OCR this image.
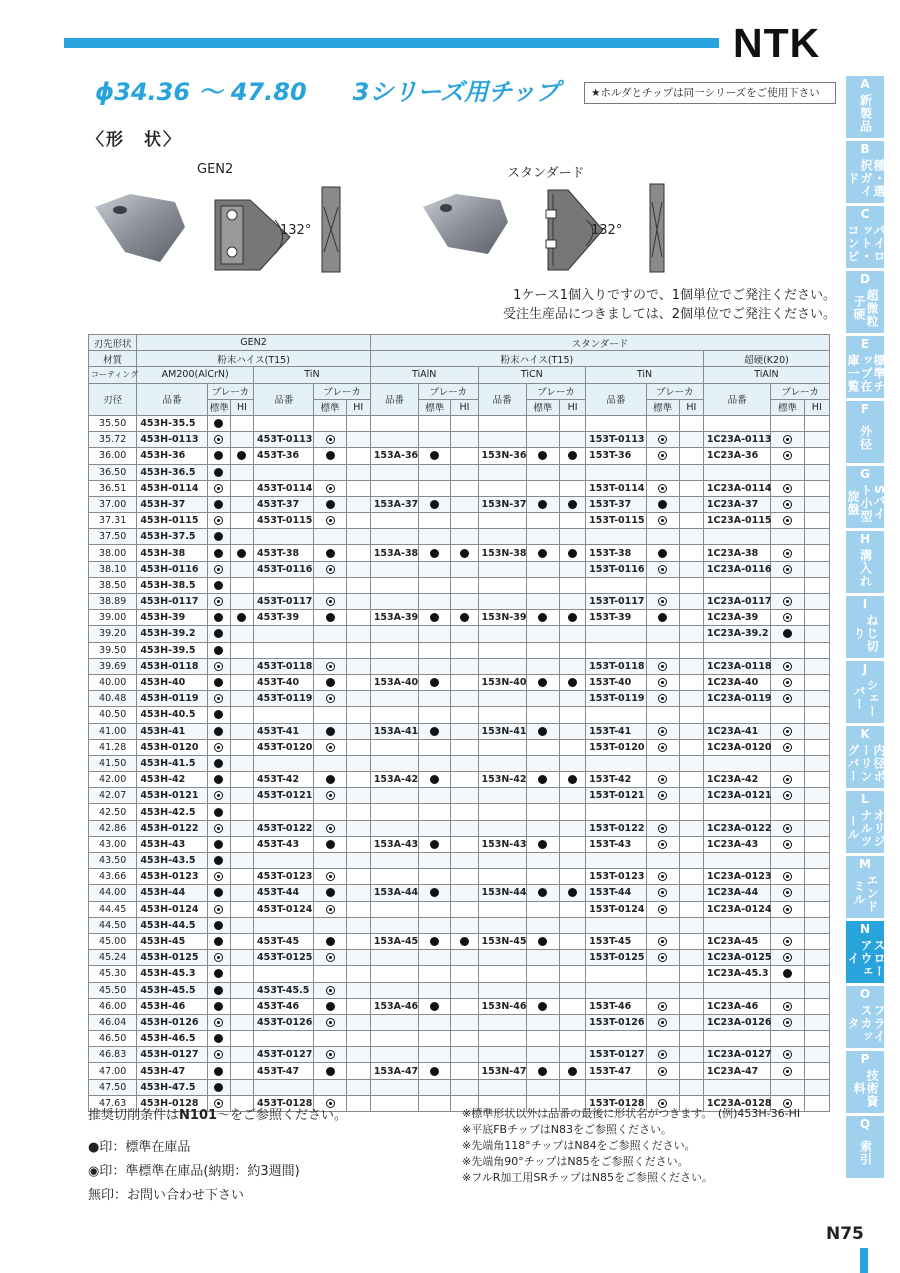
NTK
ϕ34.36 ～ 47.80 3シリーズ用チップ	★ホルダとチップは同一シリーズをご使用下さい
〈形　状〉
GEN2	スタンダード
132°	132°
1ケース1個入りですので、1個単位でご発注ください。
受注生産品につきましては、2個単位でご発注ください。
刃先形状	GEN2						スタンダード											
材質	粉末ハイス(T15)						粉末ハイス(T15)									超硬(K20)		
コーティング	AM200(AlCrN)			TiN			TiAlN			TiCN			TiN			TiAlN		
刃径	品番	ブレーカ		品番	ブレーカ		品番	ブレーカ		品番	ブレーカ		品番	ブレーカ		品番	ブレーカ	
		標準	HI		標準	HI		標準	HI		標準	HI		標準	HI		標準	HI
35.50	453H-35.5																	
35.72	453H-0113			453T-0113									153T-0113			1C23A-0113		
36.00	453H-36			453T-36			153A-36			153N-36			153T-36			1C23A-36		
36.50	453H-36.5																	
36.51	453H-0114			453T-0114									153T-0114			1C23A-0114		
37.00	453H-37			453T-37			153A-37			153N-37			153T-37			1C23A-37		
37.31	453H-0115			453T-0115									153T-0115			1C23A-0115		
37.50	453H-37.5																	
38.00	453H-38			453T-38			153A-38			153N-38			153T-38			1C23A-38		
38.10	453H-0116			453T-0116									153T-0116			1C23A-0116		
38.50	453H-38.5																	
38.89	453H-0117			453T-0117									153T-0117			1C23A-0117		
39.00	453H-39			453T-39			153A-39			153N-39			153T-39			1C23A-39		
39.20	453H-39.2															1C23A-39.2		
39.50	453H-39.5																	
39.69	453H-0118			453T-0118									153T-0118			1C23A-0118		
40.00	453H-40			453T-40			153A-40			153N-40			153T-40			1C23A-40		
40.48	453H-0119			453T-0119									153T-0119			1C23A-0119		
40.50	453H-40.5																	
41.00	453H-41			453T-41			153A-41			153N-41			153T-41			1C23A-41		
41.28	453H-0120			453T-0120									153T-0120			1C23A-0120		
41.50	453H-41.5																	
42.00	453H-42			453T-42			153A-42			153N-42			153T-42			1C23A-42		
42.07	453H-0121			453T-0121									153T-0121			1C23A-0121		
42.50	453H-42.5																	
42.86	453H-0122			453T-0122									153T-0122			1C23A-0122		
43.00	453H-43			453T-43			153A-43			153N-43			153T-43			1C23A-43		
43.50	453H-43.5																	
43.66	453H-0123			453T-0123									153T-0123			1C23A-0123		
44.00	453H-44			453T-44			153A-44			153N-44			153T-44			1C23A-44		
44.45	453H-0124			453T-0124									153T-0124			1C23A-0124		
44.50	453H-44.5																	
45.00	453H-45			453T-45			153A-45			153N-45			153T-45			1C23A-45		
45.24	453H-0125			453T-0125									153T-0125			1C23A-0125		
45.30	453H-45.3															1C23A-45.3		
45.50	453H-45.5			453T-45.5														
46.00	453H-46			453T-46			153A-46			153N-46			153T-46			1C23A-46		
46.04	453H-0126			453T-0126									153T-0126			1C23A-0126		
46.50	453H-46.5																	
46.83	453H-0127			453T-0127									153T-0127			1C23A-0127		
47.00	453H-47			453T-47			153A-47			153N-47			153T-47			1C23A-47		
47.50	453H-47.5																	
47.63	453H-0128			453T-0128									153T-0128			1C23A-0128		
推奨切削条件はN101～をご参照ください。
●印：標準在庫品
◉印：準標準在庫品(納期：約3週間)
無印：お問い合わせ下さい
※標準形状以外は品番の最後に形状名がつきます。　(例)453H-36-HI
※平底FBチップはN83をご参照ください。
※先端角118°チップはN84をご参照ください。
※先端角90°チップはN85をご参照ください。
※フルR加工用SRチップはN85をご参照ください。
A
新製品
B
工具材種・選択ガイド
C
パイロット・コンビ
D
超微粒子硬
E
標準チップ在庫一覧
F
外径
G
Sバイト小型旋盤
H
溝入れ
I
ねじ切り
J
シェーバー
K
内径ボーリングバー
L
オリジナルツール
M
エンドミル
N
ドリルスローアウェイ
O
フライスカッタ
P
技術資料
Q
索引
N75
